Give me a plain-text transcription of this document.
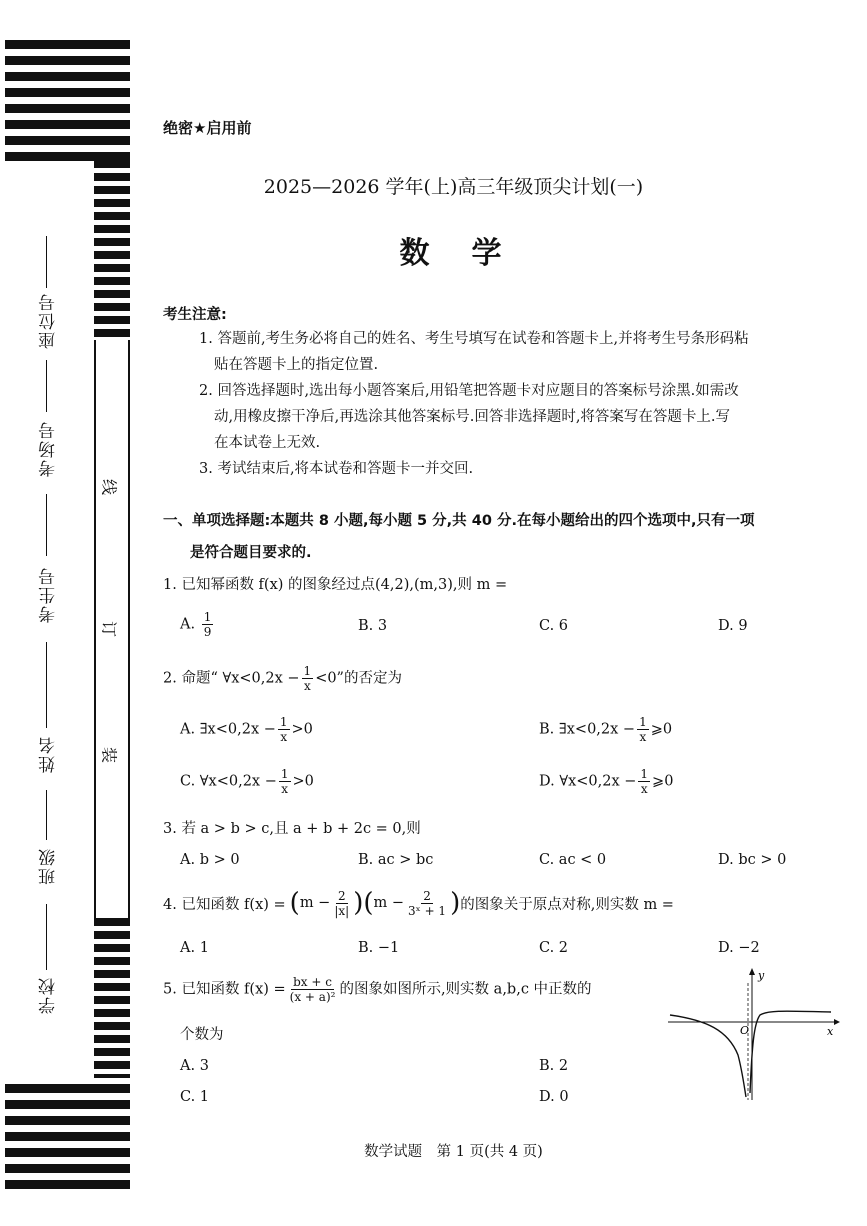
座位号
考场号
考生号
姓名
班级
学校
线
订
装
绝密★启用前
2025—2026 学年(上)高三年级顶尖计划(一)
数　学
考生注意:
1. 答题前,考生务必将自己的姓名、考生号填写在试卷和答题卡上,并将考生号条形码粘
贴在答题卡上的指定位置.
2. 回答选择题时,选出每小题答案后,用铅笔把答题卡对应题目的答案标号涂黑.如需改
动,用橡皮擦干净后,再选涂其他答案标号.回答非选择题时,将答案写在答题卡上.写
在本试卷上无效.
3. 考试结束后,将本试卷和答题卡一并交回.
一、单项选择题:本题共 8 小题,每小题 5 分,共 40 分.在每小题给出的四个选项中,只有一项
是符合题目要求的.
1. 已知幂函数 f(x) 的图象经过点(4,2),(m,3),则 m =
A. $\frac{1}{9}$	B. 3	C. 6	D. 9
2. 命题“ ∀x<0,2x − $\frac{1}{x} <0$”的否定为
A. ∃x<0,2x − $\frac{1}{x} >0$	B. ∃x<0,2x − $\frac{1}{x}$ ⩾0
C. ∀x<0,2x − $\frac{1}{x} >0$	D. ∀x<0,2x − $\frac{1}{x}$ ⩾0
3. 若 a > b > c,且 a + b + 2c = 0,则
A. b > 0	B. ac > bc	C. ac < 0	D. bc > 0
4. 已知函数 f(x) = ( $m - \frac{2}{|x|}$ ) ( $m - \frac{2}{\text{3ˣ + 1}}$ ) 的图象关于原点对称,则实数 m =
A. 1	B. −1	C. 2	D. −2
5. 已知函数 $f(x) = \frac{bx + c}{\text{(x + a)²}}$ 的图象如图所示,则实数 a,b,c 中正数的
个数为
A. 3	B. 2
C. 1	D. 0
y
x
O
数学试题　第 1 页(共 4 页)
